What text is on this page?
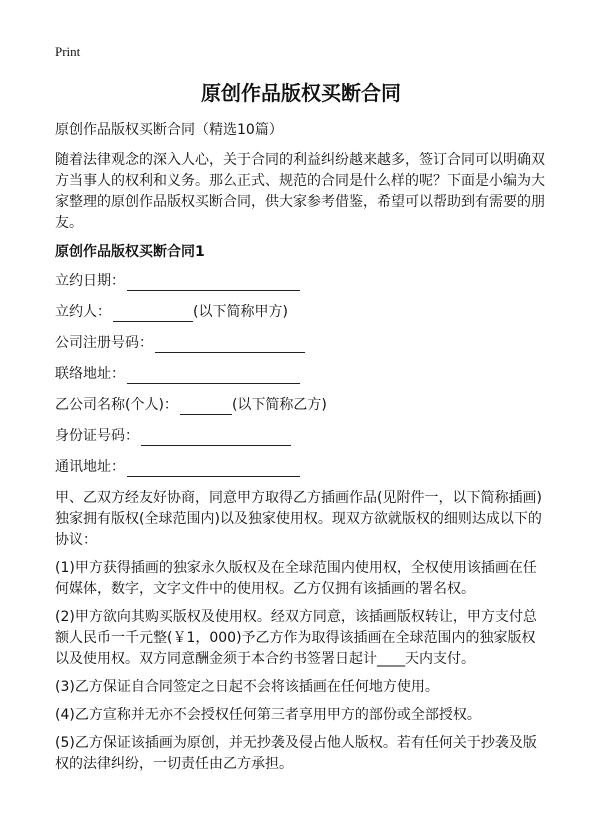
Print
原创作品版权买断合同
原创作品版权买断合同（精选10篇）
随着法律观念的深入人心，关于合同的利益纠纷越来越多，签订合同可以明确双方当事人的权利和义务。那么正式、规范的合同是什么样的呢？下面是小编为大家整理的原创作品版权买断合同，供大家参考借鉴，希望可以帮助到有需要的朋友。
原创作品版权买断合同1
立约日期：
立约人：	(以下简称甲方)
公司注册号码：
联络地址：
乙公司名称(个人)：	(以下简称乙方)
身份证号码：
通讯地址：
甲、乙双方经友好协商，同意甲方取得乙方插画作品(见附件一，以下简称插画)独家拥有版权(全球范围内)以及独家使用权。现双方欲就版权的细则达成以下的协议：
(1)甲方获得插画的独家永久版权及在全球范围内使用权，全权使用该插画在任何媒体，数字，文字文件中的使用权。乙方仅拥有该插画的署名权。
(2)甲方欲向其购买版权及使用权。经双方同意，该插画版权转让，甲方支付总额人民币一千元整(￥1，000)予乙方作为取得该插画在全球范围内的独家版权以及使用权。双方同意酬金须于本合约书签署日起计____天内支付。
(3)乙方保证自合同签定之日起不会将该插画在任何地方使用。
(4)乙方宣称并无亦不会授权任何第三者享用甲方的部份或全部授权。
(5)乙方保证该插画为原创，并无抄袭及侵占他人版权。若有任何关于抄袭及版权的法律纠纷，一切责任由乙方承担。
